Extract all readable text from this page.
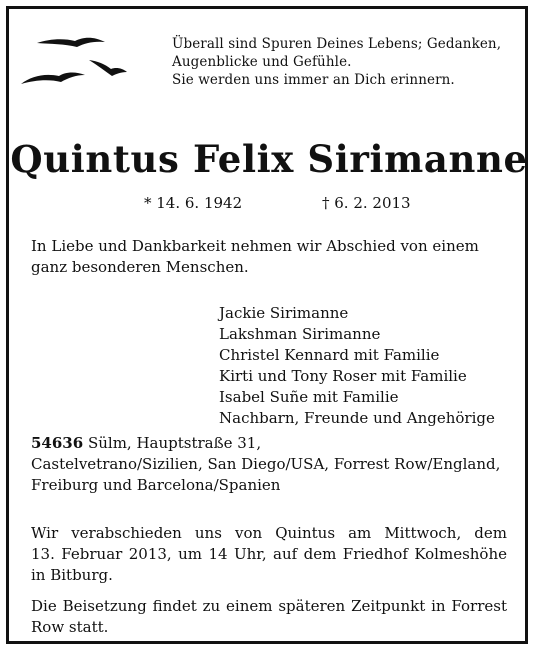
Überall sind Spuren Deines Lebens; Gedanken,
Augenblicke und Gefühle.
Sie werden uns immer an Dich erinnern.
Quintus Felix Sirimanne
* 14. 6. 1942	† 6. 2. 2013
In Liebe und Dankbarkeit nehmen wir Abschied von einem
ganz besonderen Menschen.
Jackie Sirimanne
Lakshman Sirimanne
Christel Kennard mit Familie
Kirti und Tony Roser mit Familie
Isabel Suñe mit Familie
Nachbarn, Freunde und Angehörige
54636 Sülm, Hauptstraße 31,
Castelvetrano/Sizilien, San Diego/USA, Forrest Row/England,
Freiburg und Barcelona/Spanien
Wir verabschieden uns von Quintus am Mittwoch, dem
13. Februar 2013, um 14 Uhr, auf dem Friedhof Kolmeshöhe
in Bitburg.
Die Beisetzung findet zu einem späteren Zeitpunkt in Forrest
Row statt.
